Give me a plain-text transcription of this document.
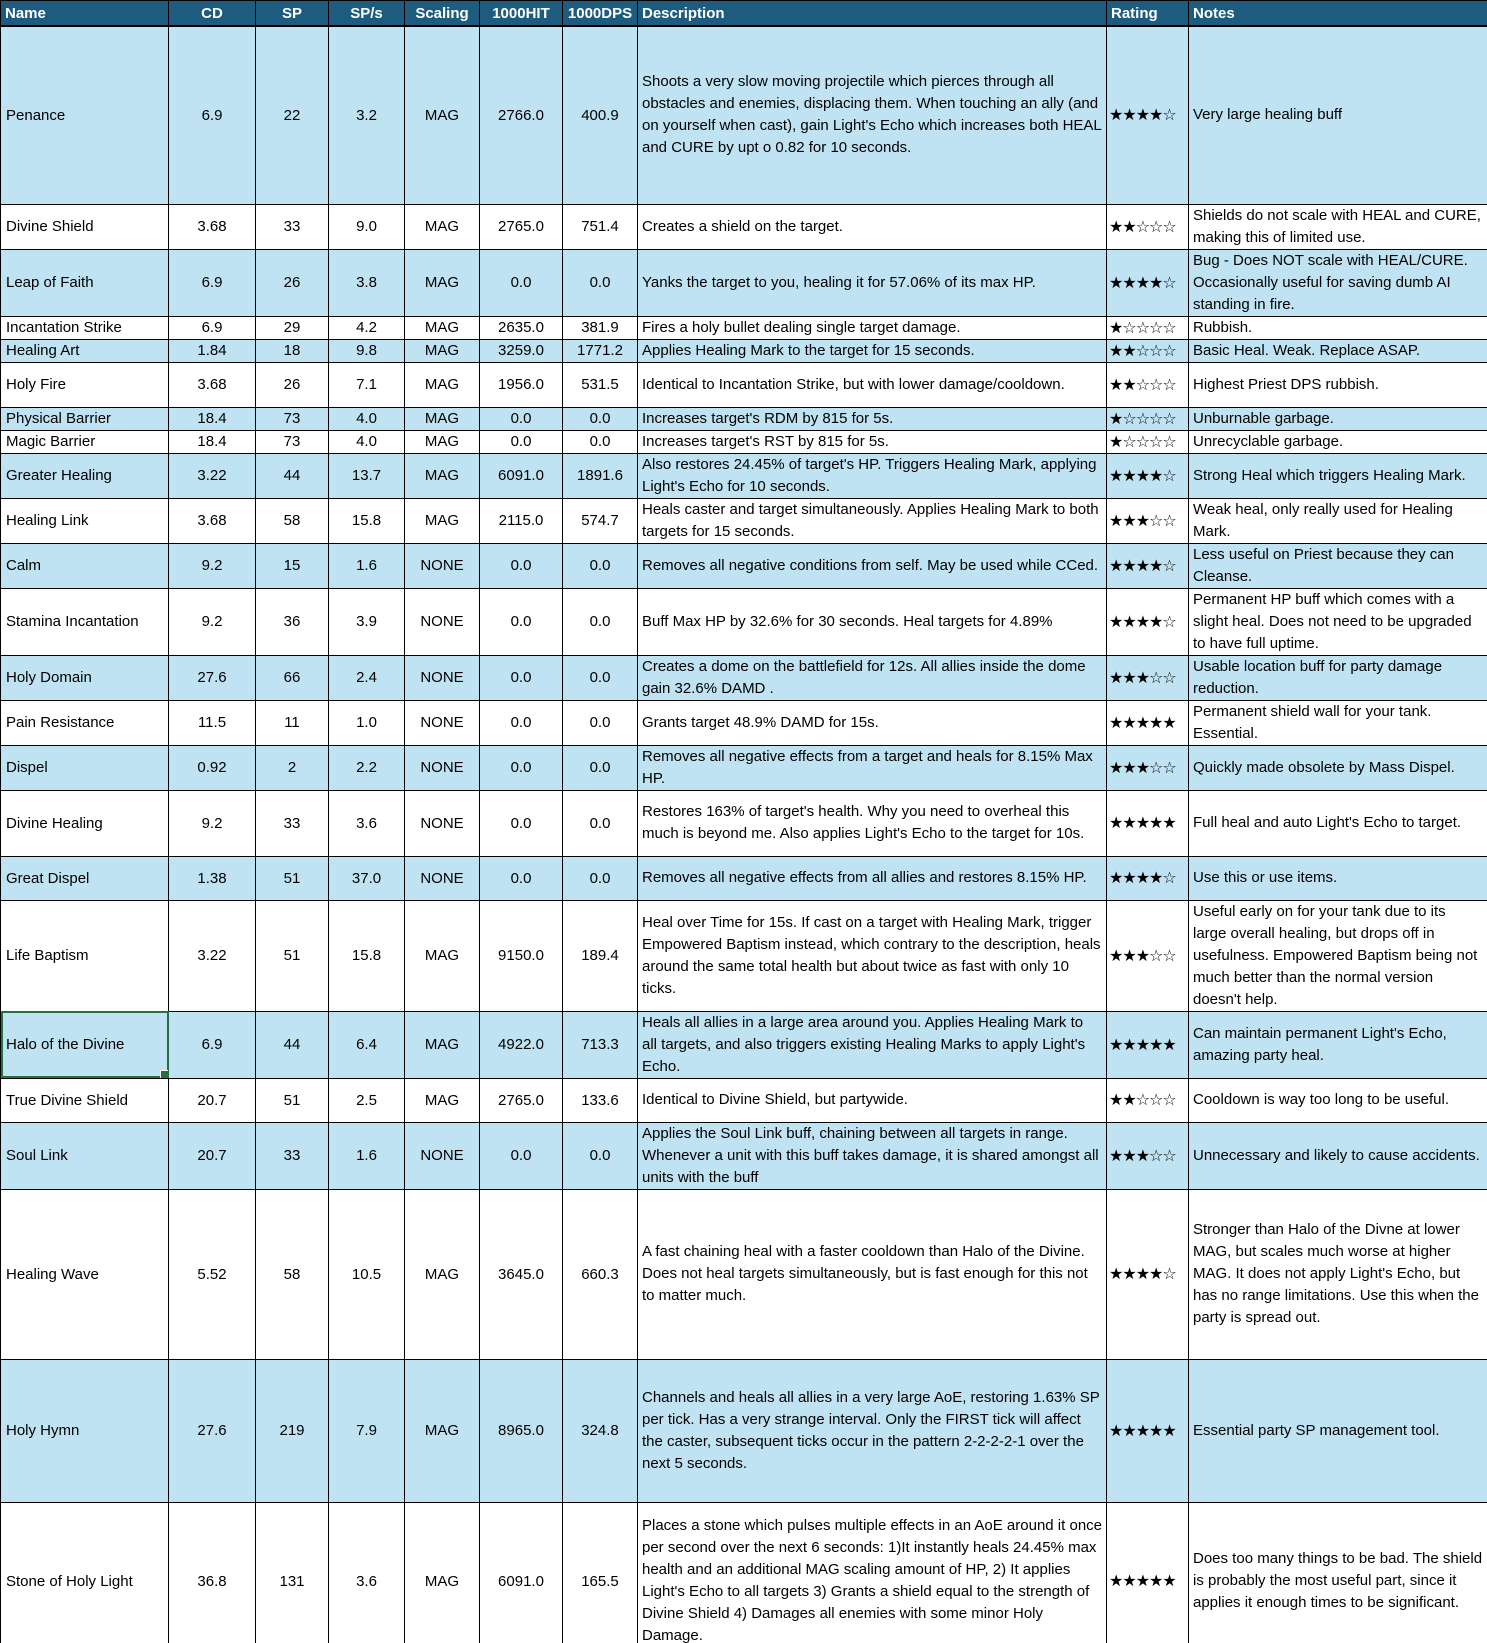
Name	CD	SP	SP/s	Scaling	1000HIT	1000DPS	Description	Rating	Notes
Penance	6.9	22	3.2	MAG	2766.0	400.9	Shoots a very slow moving projectile which pierces through all obstacles and enemies, displacing them. When touching an ally (and on yourself when cast), gain Light's Echo which increases both HEAL and CURE by upt o 0.82 for 10 seconds.	★★★★☆	Very large healing buff
Divine Shield	3.68	33	9.0	MAG	2765.0	751.4	Creates a shield on the target.	★★☆☆☆	Shields do not scale with HEAL and CURE, making this of limited use.
Leap of Faith	6.9	26	3.8	MAG	0.0	0.0	Yanks the target to you, healing it for 57.06% of its max HP.	★★★★☆	Bug - Does NOT scale with HEAL/CURE. Occasionally useful for saving dumb AI standing in fire.
Incantation Strike	6.9	29	4.2	MAG	2635.0	381.9	Fires a holy bullet dealing single target damage.	★☆☆☆☆	Rubbish.
Healing Art	1.84	18	9.8	MAG	3259.0	1771.2	Applies Healing Mark to the target for 15 seconds.	★★☆☆☆	Basic Heal. Weak. Replace ASAP.
Holy Fire	3.68	26	7.1	MAG	1956.0	531.5	Identical to Incantation Strike, but with lower damage/cooldown.	★★☆☆☆	Highest Priest DPS rubbish.
Physical Barrier	18.4	73	4.0	MAG	0.0	0.0	Increases target's RDM by 815 for 5s.	★☆☆☆☆	Unburnable garbage.
Magic Barrier	18.4	73	4.0	MAG	0.0	0.0	Increases target's RST by 815 for 5s.	★☆☆☆☆	Unrecyclable garbage.
Greater Healing	3.22	44	13.7	MAG	6091.0	1891.6	Also restores 24.45% of target's HP. Triggers Healing Mark, applying Light's Echo for 10 seconds.	★★★★☆	Strong Heal which triggers Healing Mark.
Healing Link	3.68	58	15.8	MAG	2115.0	574.7	Heals caster and target simultaneously. Applies Healing Mark to both targets for 15 seconds.	★★★☆☆	Weak heal, only really used for Healing Mark.
Calm	9.2	15	1.6	NONE	0.0	0.0	Removes all negative conditions from self. May be used while CCed.	★★★★☆	Less useful on Priest because they can Cleanse.
Stamina Incantation	9.2	36	3.9	NONE	0.0	0.0	Buff Max HP by 32.6% for 30 seconds. Heal targets for 4.89%	★★★★☆	Permanent HP buff which comes with a slight heal. Does not need to be upgraded to have full uptime.
Holy Domain	27.6	66	2.4	NONE	0.0	0.0	Creates a dome on the battlefield for 12s. All allies inside the dome gain 32.6% DAMD .	★★★☆☆	Usable location buff for party damage reduction.
Pain Resistance	11.5	11	1.0	NONE	0.0	0.0	Grants target 48.9% DAMD for 15s.	★★★★★	Permanent shield wall for your tank. Essential.
Dispel	0.92	2	2.2	NONE	0.0	0.0	Removes all negative effects from a target and heals for 8.15% Max HP.	★★★☆☆	Quickly made obsolete by Mass Dispel.
Divine Healing	9.2	33	3.6	NONE	0.0	0.0	Restores 163% of target's health. Why you need to overheal this much is beyond me. Also applies Light's Echo to the target for 10s.	★★★★★	Full heal and auto Light's Echo to target.
Great Dispel	1.38	51	37.0	NONE	0.0	0.0	Removes all negative effects from all allies and restores 8.15% HP.	★★★★☆	Use this or use items.
Life Baptism	3.22	51	15.8	MAG	9150.0	189.4	Heal over Time for 15s. If cast on a target with Healing Mark, trigger Empowered Baptism instead, which contrary to the description, heals around the same total health but about twice as fast with only 10 ticks.	★★★☆☆	Useful early on for your tank due to its large overall healing, but drops off in usefulness. Empowered Baptism being not much better than the normal version doesn't help.
Halo of the Divine	6.9	44	6.4	MAG	4922.0	713.3	Heals all allies in a large area around you. Applies Healing Mark to all targets, and also triggers existing Healing Marks to apply Light's Echo.	★★★★★	Can maintain permanent Light's Echo, amazing party heal.
True Divine Shield	20.7	51	2.5	MAG	2765.0	133.6	Identical to Divine Shield, but partywide.	★★☆☆☆	Cooldown is way too long to be useful.
Soul Link	20.7	33	1.6	NONE	0.0	0.0	Applies the Soul Link buff, chaining between all targets in range. Whenever a unit with this buff takes damage, it is shared amongst all units with the buff	★★★☆☆	Unnecessary and likely to cause accidents.
Healing Wave	5.52	58	10.5	MAG	3645.0	660.3	A fast chaining heal with a faster cooldown than Halo of the Divine. Does not heal targets simultaneously, but is fast enough for this not to matter much.	★★★★☆	Stronger than Halo of the Divne at lower MAG, but scales much worse at higher MAG. It does not apply Light's Echo, but has no range limitations. Use this when the party is spread out.
Holy Hymn	27.6	219	7.9	MAG	8965.0	324.8	Channels and heals all allies in a very large AoE, restoring 1.63% SP per tick. Has a very strange interval. Only the FIRST tick will affect the caster, subsequent ticks occur in the pattern 2-2-2-2-1 over the next 5 seconds.	★★★★★	Essential party SP management tool.
Stone of Holy Light	36.8	131	3.6	MAG	6091.0	165.5	Places a stone which pulses multiple effects in an AoE around it once per second over the next 6 seconds: 1)It instantly heals 24.45% max health and an additional MAG scaling amount of HP, 2) It applies Light's Echo to all targets 3) Grants a shield equal to the strength of Divine Shield 4) Damages all enemies with some minor Holy Damage.	★★★★★	Does too many things to be bad. The shield is probably the most useful part, since it applies it enough times to be significant.
